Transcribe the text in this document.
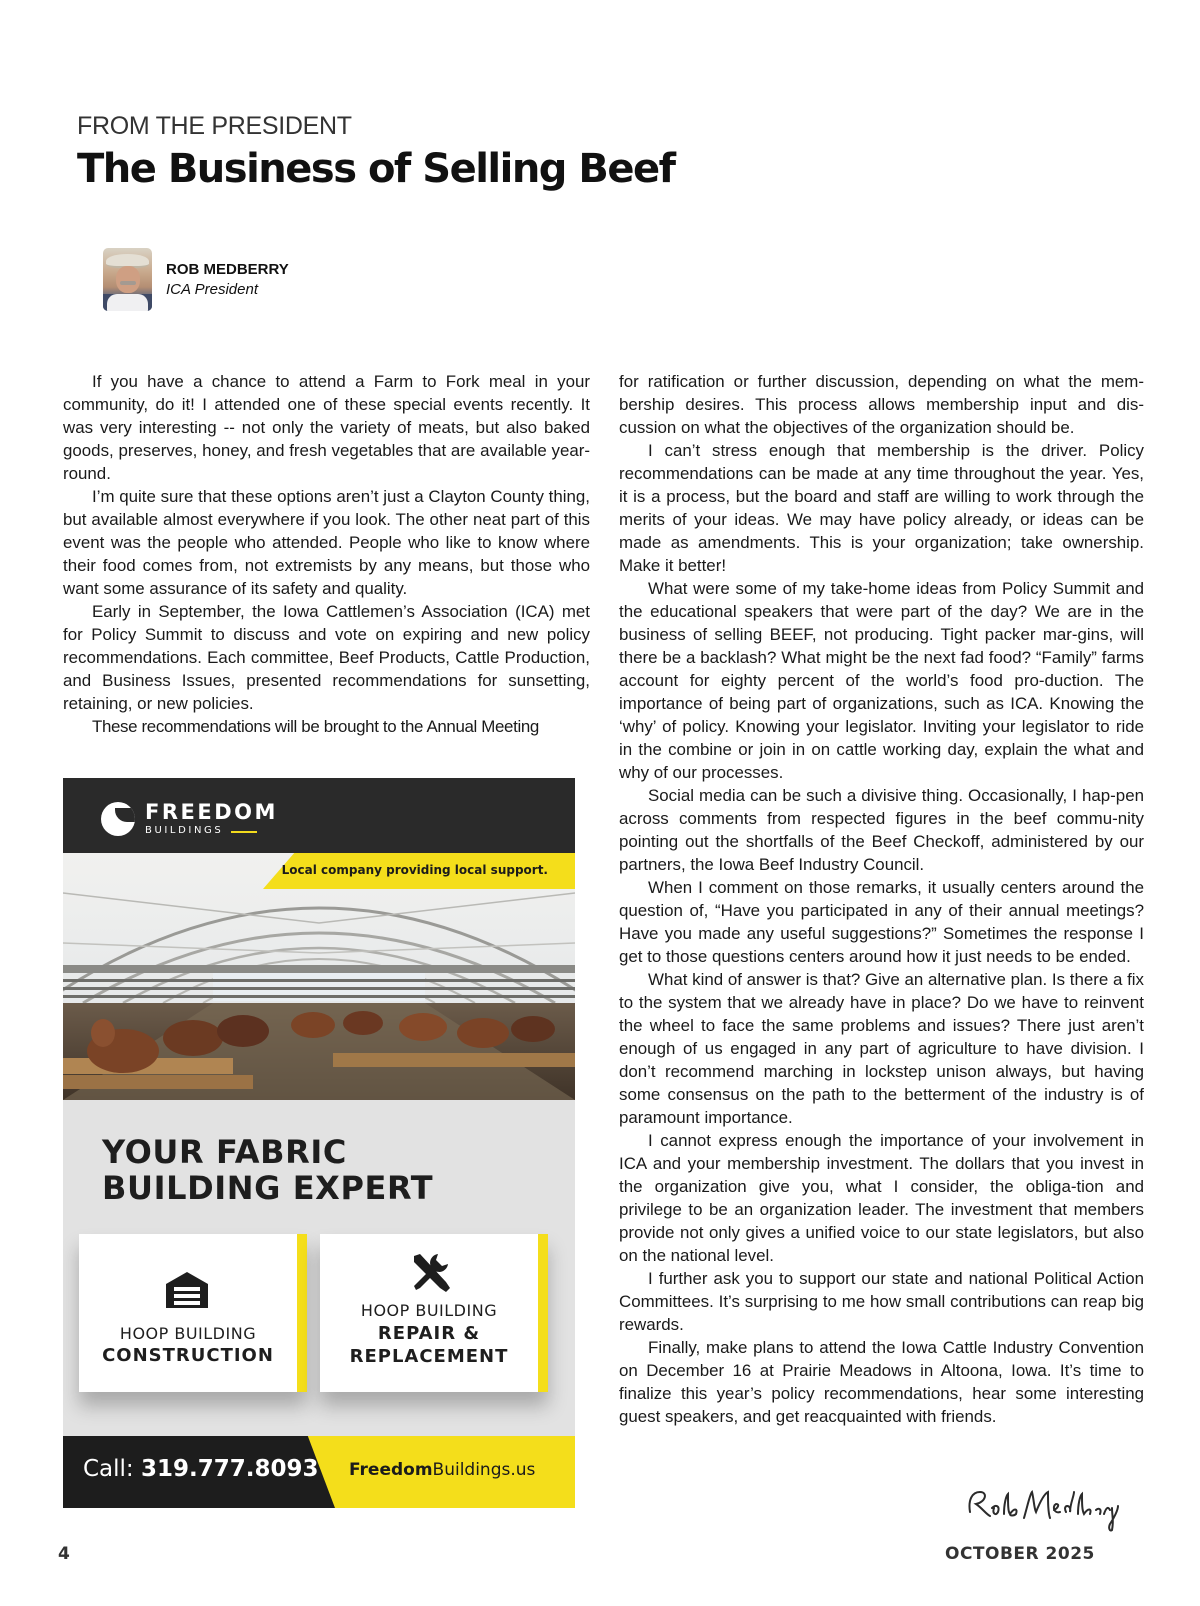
FROM THE PRESIDENT
The Business of Selling Beef
ROB MEDBERRY
ICA President

If you have a chance to attend a Farm to Fork meal in your community, do it! I attended one of these special events recently. It was very interesting -- not only the variety of meats, but also baked goods, preserves, honey, and fresh vegetables that are available year-round.

I’m quite sure that these options aren’t just a Clayton County thing, but available almost everywhere if you look. The other neat part of this event was the people who attended. People who like to know where their food comes from, not extremists by any means, but those who want some assurance of its safety and quality.

Early in September, the Iowa Cattlemen’s Association (ICA) met for Policy Summit to discuss and vote on expiring and new policy recommendations. Each committee, Beef Products, Cattle Production, and Business Issues, presented recommendations for sunsetting, retaining, or new policies.

These recommendations will be brought to the Annual Meeting

for ratification or further discussion, depending on what the mem-bership desires. This process allows membership input and dis-cussion on what the objectives of the organization should be.

I can’t stress enough that membership is the driver. Policy recommendations can be made at any time throughout the year. Yes, it is a process, but the board and staff are willing to work through the merits of your ideas. We may have policy already, or ideas can be made as amendments. This is your organization; take ownership. Make it better!

What were some of my take-home ideas from Policy Summit and the educational speakers that were part of the day? We are in the business of selling BEEF, not producing. Tight packer mar-gins, will there be a backlash? What might be the next fad food? “Family” farms account for eighty percent of the world’s food pro-duction. The importance of being part of organizations, such as ICA. Knowing the ‘why’ of policy. Knowing your legislator. Inviting your legislator to ride in the combine or join in on cattle working day, explain the what and why of our processes.

Social media can be such a divisive thing. Occasionally, I hap-pen across comments from respected figures in the beef commu-nity pointing out the shortfalls of the Beef Checkoff, administered by our partners, the Iowa Beef Industry Council.

When I comment on those remarks, it usually centers around the question of, “Have you participated in any of their annual meetings? Have you made any useful suggestions?” Sometimes the response I get to those questions centers around how it just needs to be ended.

What kind of answer is that? Give an alternative plan. Is there a fix to the system that we already have in place? Do we have to reinvent the wheel to face the same problems and issues? There just aren’t enough of us engaged in any part of agriculture to have division. I don’t recommend marching in lockstep unison always, but having some consensus on the path to the betterment of the industry is of paramount importance.

I cannot express enough the importance of your involvement in ICA and your membership investment. The dollars that you invest in the organization give you, what I consider, the obliga-tion and privilege to be an organization leader. The investment that members provide not only gives a unified voice to our state legislators, but also on the national level.

I further ask you to support our state and national Political Action Committees. It’s surprising to me how small contributions can reap big rewards.

Finally, make plans to attend the Iowa Cattle Industry Convention on December 16 at Prairie Meadows in Altoona, Iowa. It’s time to finalize this year’s policy recommendations, hear some interesting guest speakers, and get reacquainted with friends.

FREEDOM
BUILDINGS
Local company providing local support.
YOUR FABRIC
BUILDING EXPERT
HOOP BUILDING
CONSTRUCTION
HOOP BUILDING
REPAIR &
REPLACEMENT
Call: 319.777.8093 FreedomBuildings.us
4	OCTOBER 2025
